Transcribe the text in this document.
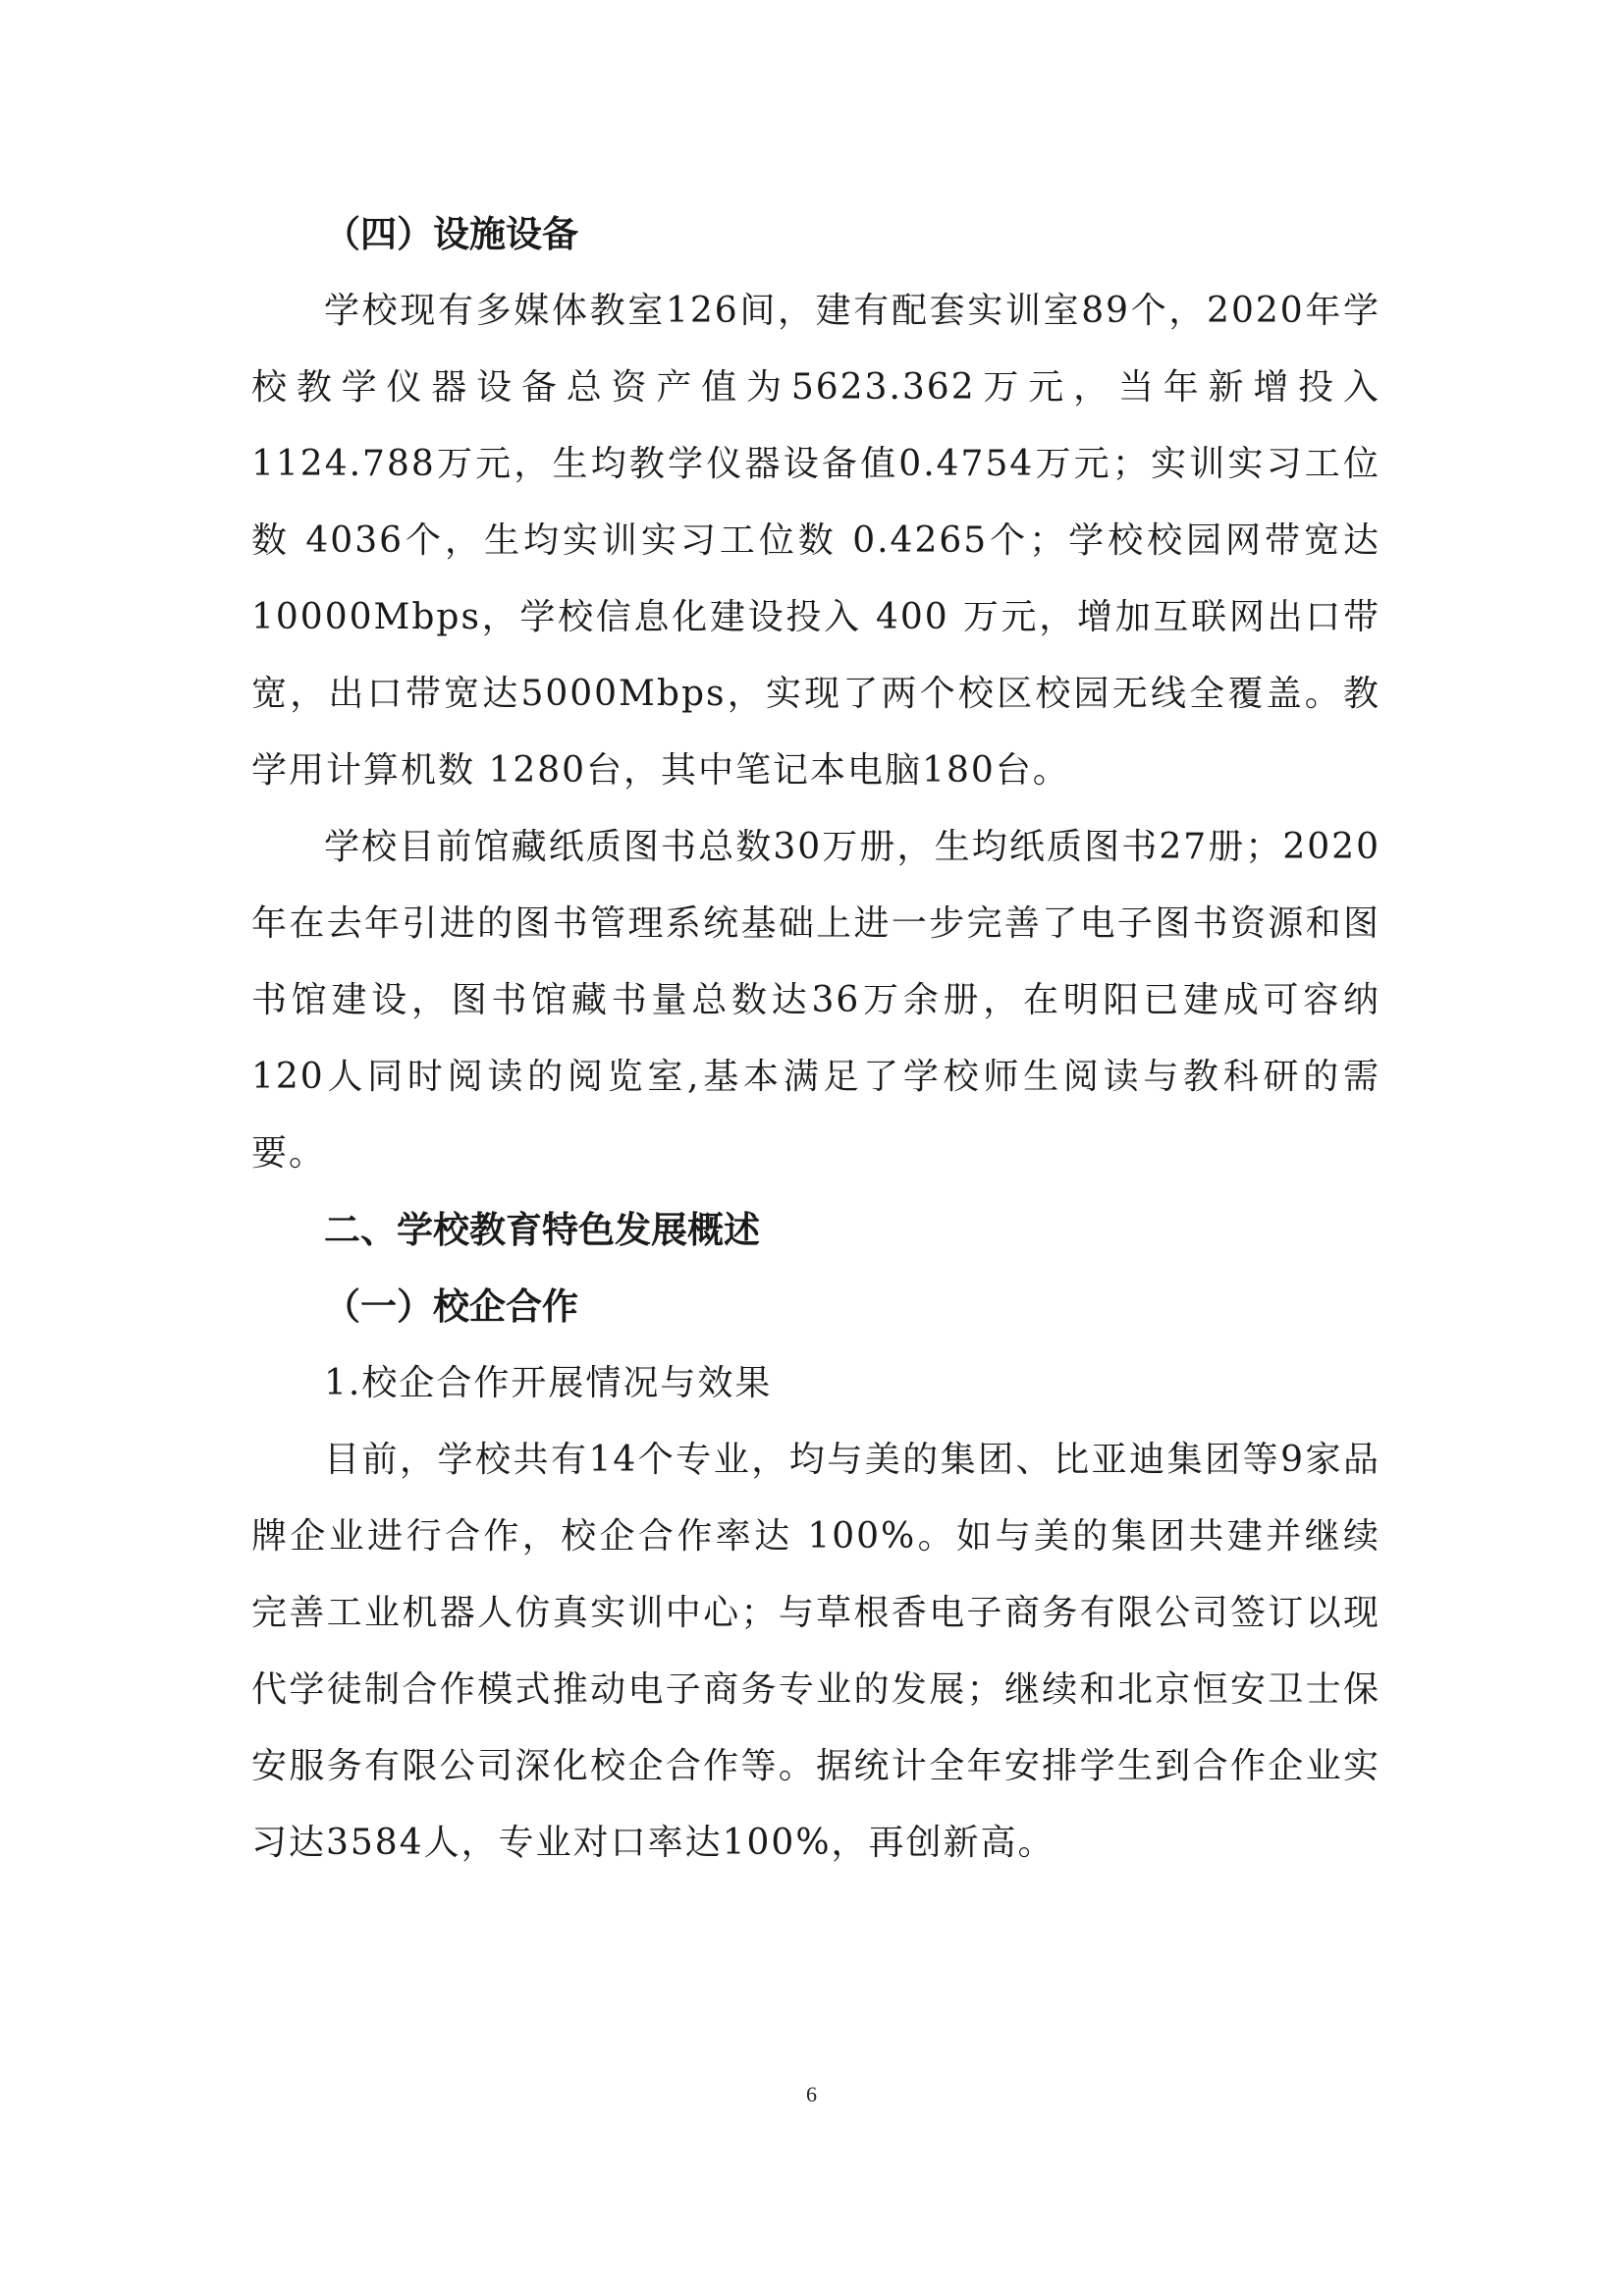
（四）设施设备

学校现有多媒体教室126间，建有配套实训室89个，2020年学校教学仪器设备总资产值为5623.362万元，当年新增投入1124.788万元，生均教学仪器设备值0.4754万元；实训实习工位数 4036个，生均实训实习工位数 0.4265个；学校校园网带宽达10000Mbps，学校信息化建设投入 400 万元，增加互联网出口带宽，出口带宽达5000Mbps，实现了两个校区校园无线全覆盖。教学用计算机数 1280台，其中笔记本电脑180台。

学校目前馆藏纸质图书总数30万册，生均纸质图书27册；2020年在去年引进的图书管理系统基础上进一步完善了电子图书资源和图书馆建设，图书馆藏书量总数达36万余册，在明阳已建成可容纳120人同时阅读的阅览室,基本满足了学校师生阅读与教科研的需要。

二、学校教育特色发展概述

（一）校企合作

1.校企合作开展情况与效果

目前，学校共有14个专业，均与美的集团、比亚迪集团等9家品牌企业进行合作，校企合作率达 100%。如与美的集团共建并继续完善工业机器人仿真实训中心；与草根香电子商务有限公司签订以现代学徒制合作模式推动电子商务专业的发展；继续和北京恒安卫士保安服务有限公司深化校企合作等。据统计全年安排学生到合作企业实习达3584人，专业对口率达100%，再创新高。

6
